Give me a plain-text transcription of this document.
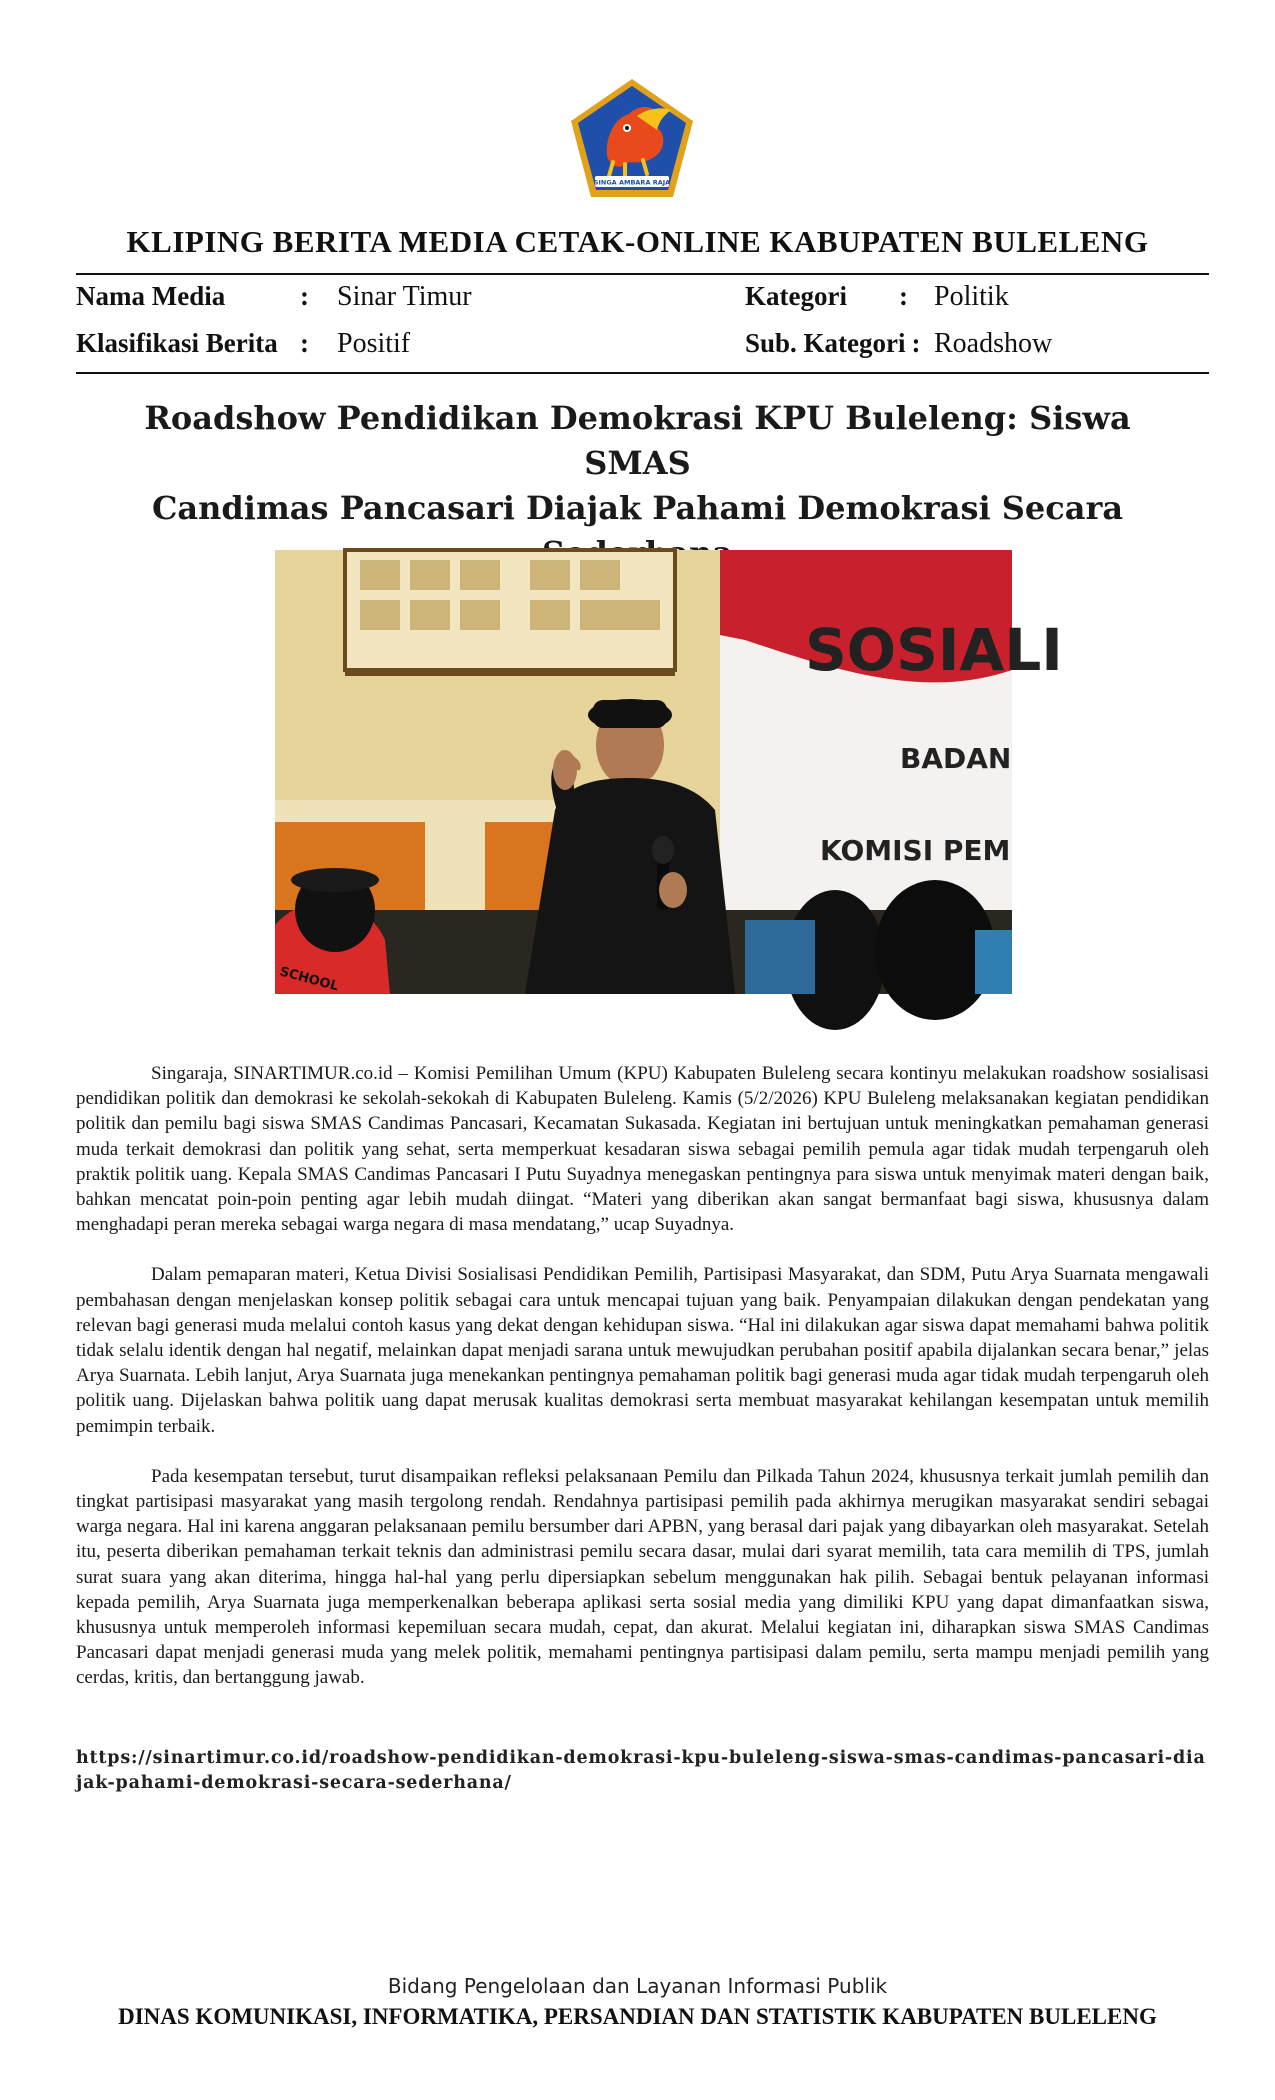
SINGA AMBARA RAJA
KLIPING BERITA MEDIA CETAK-ONLINE KABUPATEN BULELENG
Nama Media	: Sinar Timur	Kategori : Politik
Klasifikasi Berita : Positif	Sub. Kategori : Roadshow
Roadshow Pendidikan Demokrasi KPU Buleleng: Siswa SMAS
Candimas Pancasari Diajak Pahami Demokrasi Secara
SOSIALI
BADAN
KOMISI PEM
SCHOOL

Singaraja, SINARTIMUR.co.id – Komisi Pemilihan Umum (KPU) Kabupaten Buleleng secara kontinyu melakukan roadshow sosialisasi pendidikan politik dan demokrasi ke sekolah-sekokah di Kabupaten Buleleng. Kamis (5/2/2026) KPU Buleleng melaksanakan kegiatan pendidikan politik dan pemilu bagi siswa SMAS Candimas Pancasari, Kecamatan Sukasada. Kegiatan ini bertujuan untuk meningkatkan pemahaman generasi muda terkait demokrasi dan politik yang sehat, serta memperkuat kesadaran siswa sebagai pemilih pemula agar tidak mudah terpengaruh oleh praktik politik uang. Kepala SMAS Candimas Pancasari I Putu Suyadnya menegaskan pentingnya para siswa untuk menyimak materi dengan baik, bahkan mencatat poin-poin penting agar lebih mudah diingat. “Materi yang diberikan akan sangat bermanfaat bagi siswa, khususnya dalam menghadapi peran mereka sebagai warga negara di masa mendatang,” ucap Suyadnya.

Dalam pemaparan materi, Ketua Divisi Sosialisasi Pendidikan Pemilih, Partisipasi Masyarakat, dan SDM, Putu Arya Suarnata mengawali pembahasan dengan menjelaskan konsep politik sebagai cara untuk mencapai tujuan yang baik. Penyampaian dilakukan dengan pendekatan yang relevan bagi generasi muda melalui contoh kasus yang dekat dengan kehidupan siswa. “Hal ini dilakukan agar siswa dapat memahami bahwa politik tidak selalu identik dengan hal negatif, melainkan dapat menjadi sarana untuk mewujudkan perubahan positif apabila dijalankan secara benar,” jelas Arya Suarnata. Lebih lanjut, Arya Suarnata juga menekankan pentingnya pemahaman politik bagi generasi muda agar tidak mudah terpengaruh oleh politik uang. Dijelaskan bahwa politik uang dapat merusak kualitas demokrasi serta membuat masyarakat kehilangan kesempatan untuk memilih pemimpin terbaik.

Pada kesempatan tersebut, turut disampaikan refleksi pelaksanaan Pemilu dan Pilkada Tahun 2024, khususnya terkait jumlah pemilih dan tingkat partisipasi masyarakat yang masih tergolong rendah. Rendahnya partisipasi pemilih pada akhirnya merugikan masyarakat sendiri sebagai warga negara. Hal ini karena anggaran pelaksanaan pemilu bersumber dari APBN, yang berasal dari pajak yang dibayarkan oleh masyarakat. Setelah itu, peserta diberikan pemahaman terkait teknis dan administrasi pemilu secara dasar, mulai dari syarat memilih, tata cara memilih di TPS, jumlah surat suara yang akan diterima, hingga hal-hal yang perlu dipersiapkan sebelum menggunakan hak pilih. Sebagai bentuk pelayanan informasi kepada pemilih, Arya Suarnata juga memperkenalkan beberapa aplikasi serta sosial media yang dimiliki KPU yang dapat dimanfaatkan siswa, khususnya untuk memperoleh informasi kepemiluan secara mudah, cepat, dan akurat. Melalui kegiatan ini, diharapkan siswa SMAS Candimas Pancasari dapat menjadi generasi muda yang melek politik, memahami pentingnya partisipasi dalam pemilu, serta mampu menjadi pemilih yang cerdas, kritis, dan bertanggung jawab.

https://sinartimur.co.id/roadshow-pendidikan-demokrasi-kpu-buleleng-siswa-smas-candimas-pancasari-diajak-pahami-demokrasi-secara-sederhana/
Bidang Pengelolaan dan Layanan Informasi Publik
DINAS KOMUNIKASI, INFORMATIKA, PERSANDIAN DAN STATISTIK KABUPATEN BULELENG
